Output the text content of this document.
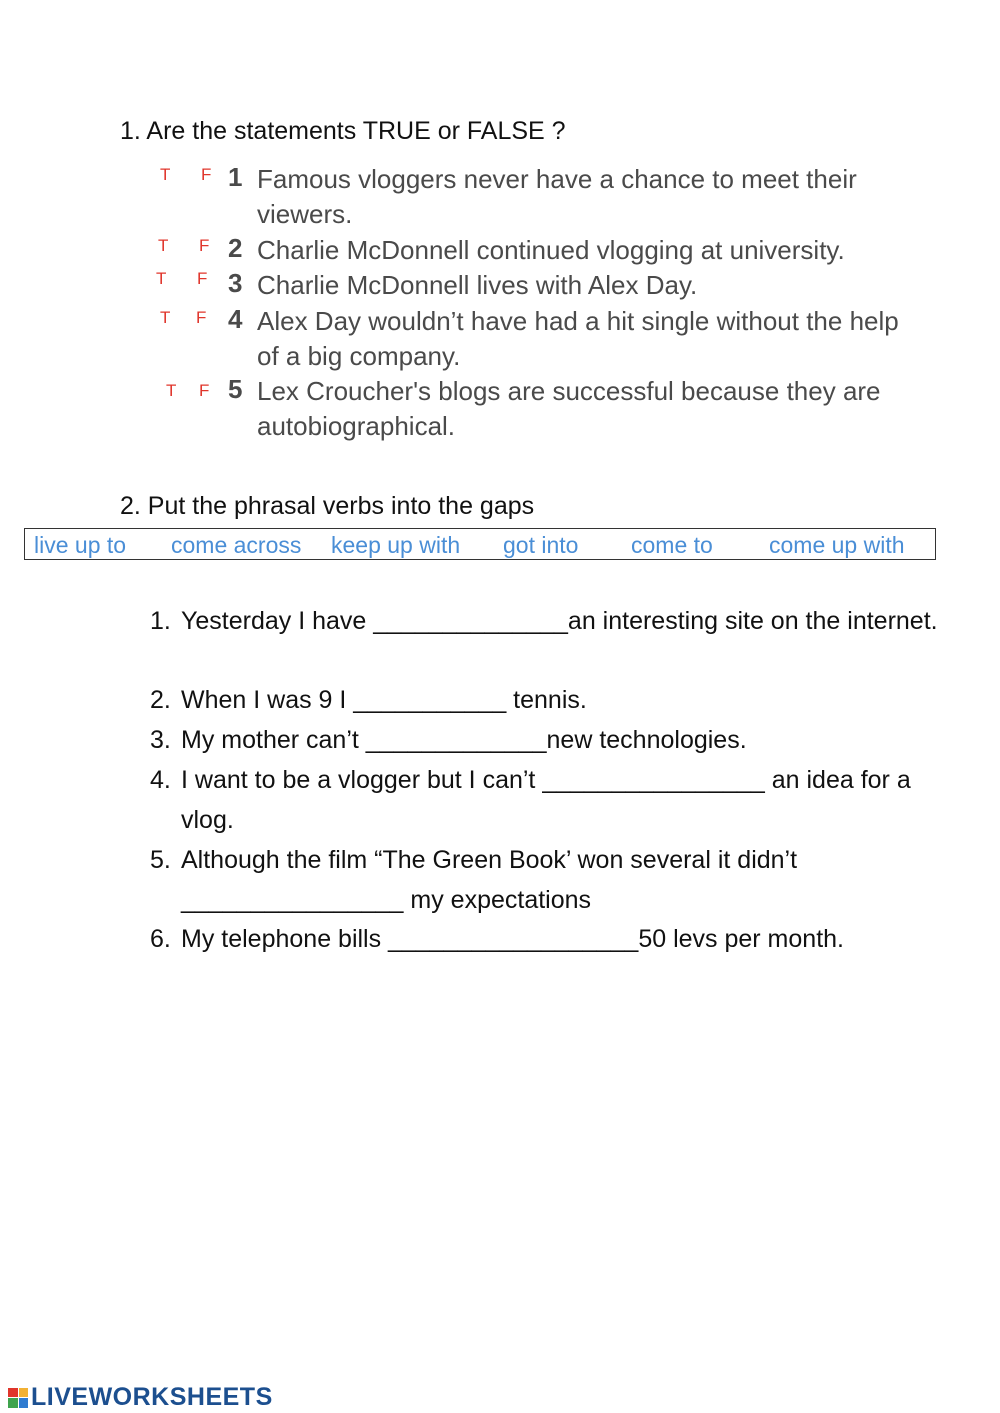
1. Are the statements TRUE or FALSE ?
T F 1 Famous vloggers never have a chance to meet their viewers.
T F 2 Charlie McDonnell continued vlogging at university.
T F 3 Charlie McDonnell lives with Alex Day.
T F 4 Alex Day wouldn’t have had a hit single without the help of a big company.
T F 5 Lex Croucher's blogs are successful because they are autobiographical.
2. Put the phrasal verbs into the gaps
live up to come across keep up with got into come to come up with
1. Yesterday I have ______________an interesting site on the internet.
2. When I was 9 I ___________ tennis.
3. My mother can’t _____________new technologies.
4. I want to be a vlogger but I can’t ________________ an idea for a vlog.
5. Although the film “The Green Book’ won several it didn’t ________________ my expectations
6. My telephone bills __________________50 levs per month.
LIVEWORKSHEETS
